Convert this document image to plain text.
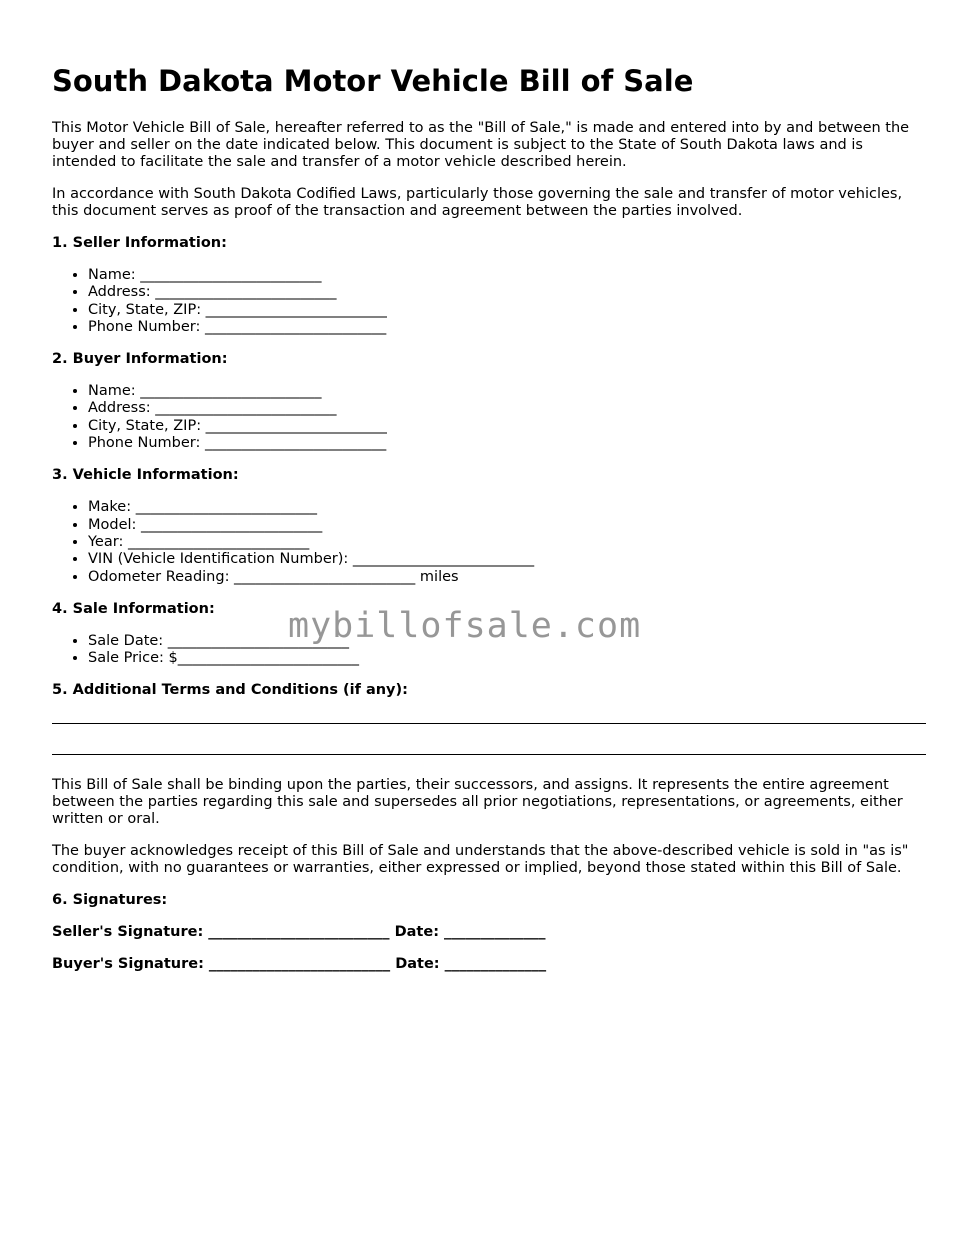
South Dakota Motor Vehicle Bill of Sale

This Motor Vehicle Bill of Sale, hereafter referred to as the "Bill of Sale," is made and entered into by and between the buyer and seller on the date indicated below. This document is subject to the State of South Dakota laws and is intended to facilitate the sale and transfer of a motor vehicle described herein.

In accordance with South Dakota Codified Laws, particularly those governing the sale and transfer of motor vehicles, this document serves as proof of the transaction and agreement between the parties involved.

1. Seller Information:
• Name: _________________________
• Address: _________________________
• City, State, ZIP: _________________________
• Phone Number: _________________________
2. Buyer Information:
• Name: _________________________
• Address: _________________________
• City, State, ZIP: _________________________
• Phone Number: _________________________
3. Vehicle Information:
• Make: _________________________
• Model: _________________________
• Year: _________________________
• VIN (Vehicle Identification Number): _________________________
• Odometer Reading: _________________________ miles
4. Sale Information:
• Sale Date: _________________________
• Sale Price: $_________________________
5. Additional Terms and Conditions (if any):

This Bill of Sale shall be binding upon the parties, their successors, and assigns. It represents the entire agreement between the parties regarding this sale and supersedes all prior negotiations, representations, or agreements, either written or oral.

The buyer acknowledges receipt of this Bill of Sale and understands that the above-described vehicle is sold in "as is" condition, with no guarantees or warranties, either expressed or implied, beyond those stated within this Bill of Sale.

6. Signatures:
Seller's Signature: _________________________ Date: ______________
Buyer's Signature: _________________________ Date: ______________
mybillofsale.com
